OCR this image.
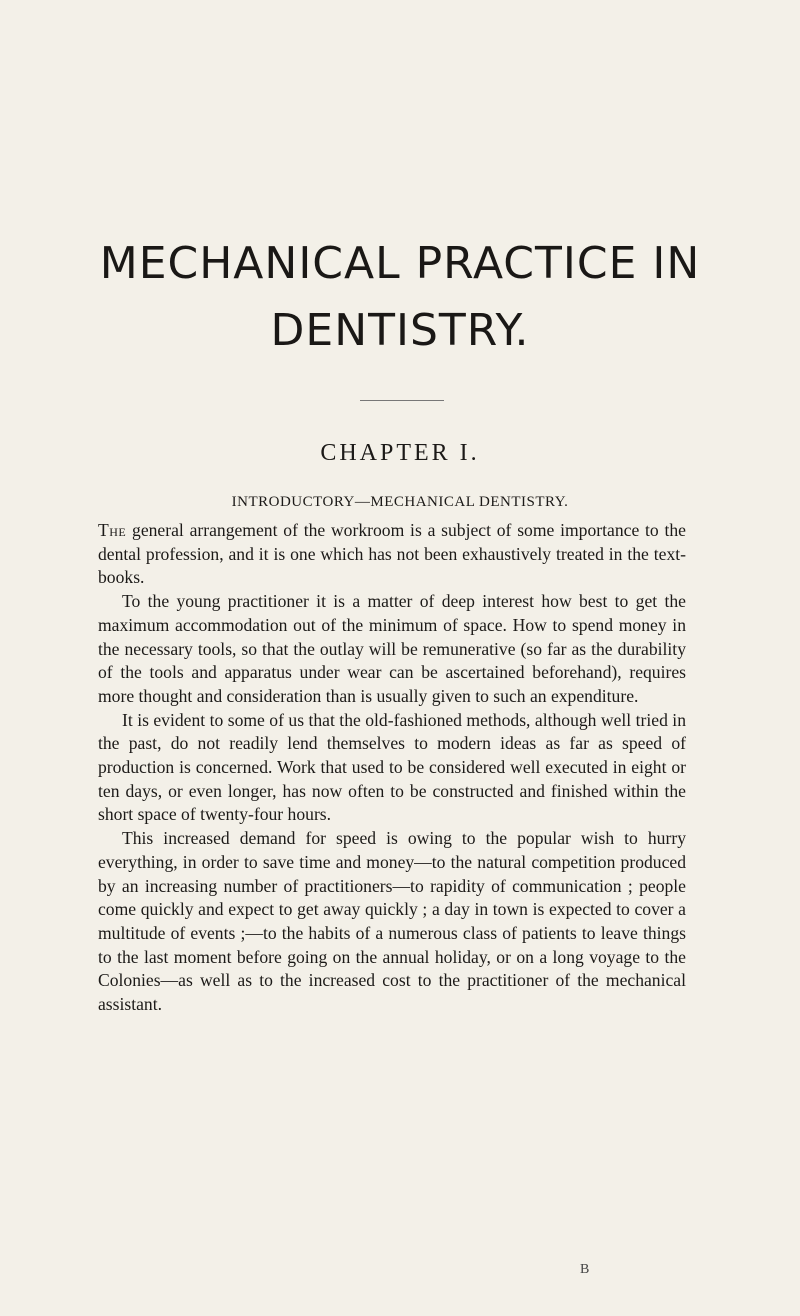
MECHANICAL PRACTICE IN
DENTISTRY.
CHAPTER I.
INTRODUCTORY—MECHANICAL DENTISTRY.

The general arrangement of the workroom is a subject of some importance to the dental profession, and it is one which has not been exhaustively treated in the text-books.

To the young practitioner it is a matter of deep interest how best to get the maximum accommodation out of the minimum of space. How to spend money in the necessary tools, so that the outlay will be remunerative (so far as the durability of the tools and apparatus under wear can be ascertained beforehand), requires more thought and consideration than is usually given to such an expenditure.

It is evident to some of us that the old-fashioned methods, although well tried in the past, do not readily lend themselves to modern ideas as far as speed of production is concerned. Work that used to be considered well executed in eight or ten days, or even longer, has now often to be constructed and finished within the short space of twenty-four hours.

This increased demand for speed is owing to the popular wish to hurry everything, in order to save time and money—to the natural competition produced by an increasing number of practitioners—to rapidity of communication ; people come quickly and expect to get away quickly ; a day in town is expected to cover a multitude of events ;—to the habits of a numerous class of patients to leave things to the last moment before going on the annual holiday, or on a long voyage to the Colonies—as well as to the increased cost to the practitioner of the mechanical assistant.

B
